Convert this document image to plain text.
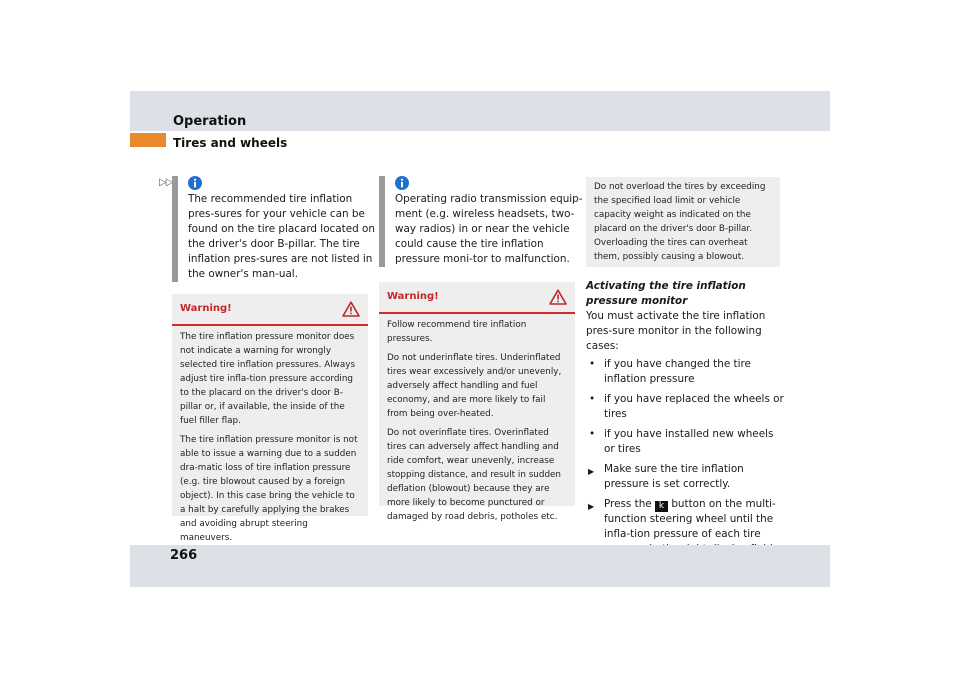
Operation
Tires and wheels
▷▷
The recommended tire inflation pres-sures for your vehicle can be found on the tire placard located on the driver's door B-pillar. The tire inflation pres-sures are not listed in the owner's man-ual.
Warning!

The tire inflation pressure monitor does not indicate a warning for wrongly selected tire inflation pressures. Always adjust tire infla-tion pressure according to the placard on the driver's door B-pillar or, if available, the inside of the fuel filler flap.

The tire inflation pressure monitor is not able to issue a warning due to a sudden dra-matic loss of tire inflation pressure (e.g. tire blowout caused by a foreign object). In this case bring the vehicle to a halt by carefully applying the brakes and avoiding abrupt steering maneuvers.

Operating radio transmission equip-ment (e.g. wireless headsets, two-way radios) in or near the vehicle could cause the tire inflation pressure moni-tor to malfunction.
Warning!

Follow recommend tire inflation pressures.

Do not underinflate tires. Underinflated tires wear excessively and/or unevenly, adversely affect handling and fuel economy, and are more likely to fail from being over-heated.

Do not overinflate tires. Overinflated tires can adversely affect handling and ride comfort, wear unevenly, increase stopping distance, and result in sudden deflation (blowout) because they are more likely to become punctured or damaged by road debris, potholes etc.

Do not overload the tires by exceeding the specified load limit or vehicle capacity weight as indicated on the placard on the driver's door B-pillar. Overloading the tires can overheat them, possibly causing a blowout.

Activating the tire inflation pressure monitor

You must activate the tire inflation pres-sure monitor in the following cases:

• if you have changed the tire inflation pressure
• if you have replaced the wheels or tires
• if you have installed new wheels or tires
▶ Make sure the tire inflation pressure is set correctly.
▶ Press the k button on the multi-function steering wheel until the infla-tion pressure of each tire
266
